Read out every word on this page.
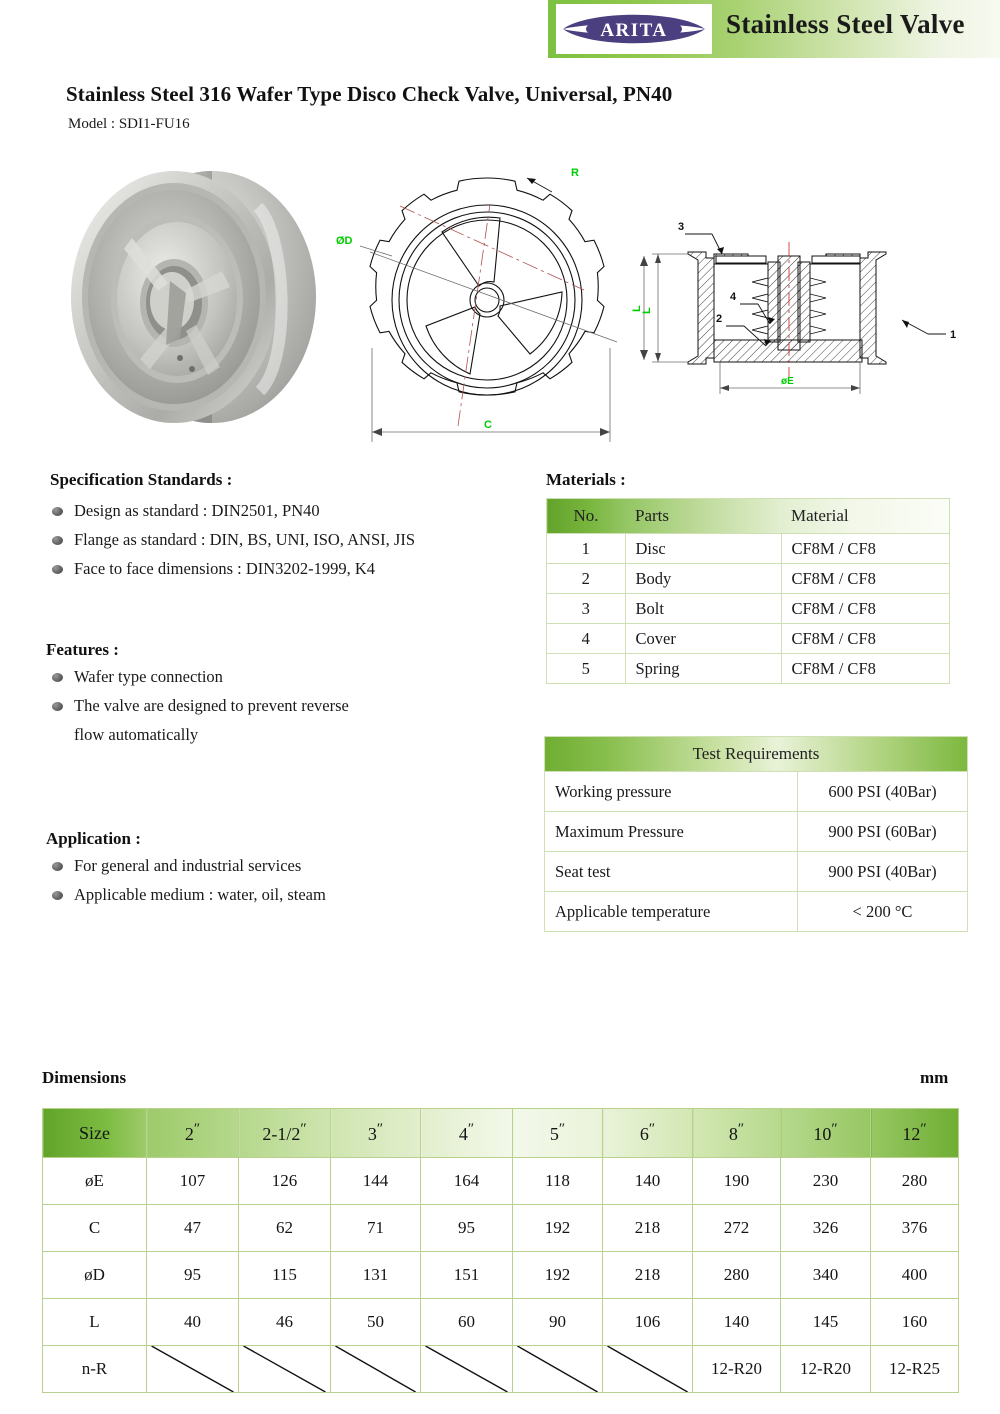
ARITA Stainless Steel Valve
Stainless Steel 316 Wafer Type Disco Check Valve, Universal, PN40
Model : SDI1-FU16
ØD
C
L
R
3
4
2
1
L
øE
Specification Standards :
Design as standard : DIN2501, PN40
Flange as standard : DIN, BS, UNI, ISO, ANSI, JIS
Face to face dimensions : DIN3202-1999, K4
Features :
Wafer type connection
The valve are designed to prevent reverse
flow automatically
Application :
For general and industrial services
Applicable medium : water, oil, steam
Materials :
No.	Parts	Material
1	Disc	CF8M / CF8
2	Body	CF8M / CF8
3	Bolt	CF8M / CF8
4	Cover	CF8M / CF8
5	Spring	CF8M / CF8
Test Requirements	
Working pressure	600 PSI (40Bar)
Maximum Pressure	900 PSI (60Bar)
Seat test	900 PSI (40Bar)
Applicable temperature	< 200 °C
Dimensions	mm
Size	2″	2-1/2″	3″	4″	5″	6″	8″	10″	12″
øE	107	126	144	164	118	140	190	230	280
C	47	62	71	95	192	218	272	326	376
øD	95	115	131	151	192	218	280	340	400
L	40	46	50	60	90	106	140	145	160
n-R							12-R20	12-R20	12-R25
